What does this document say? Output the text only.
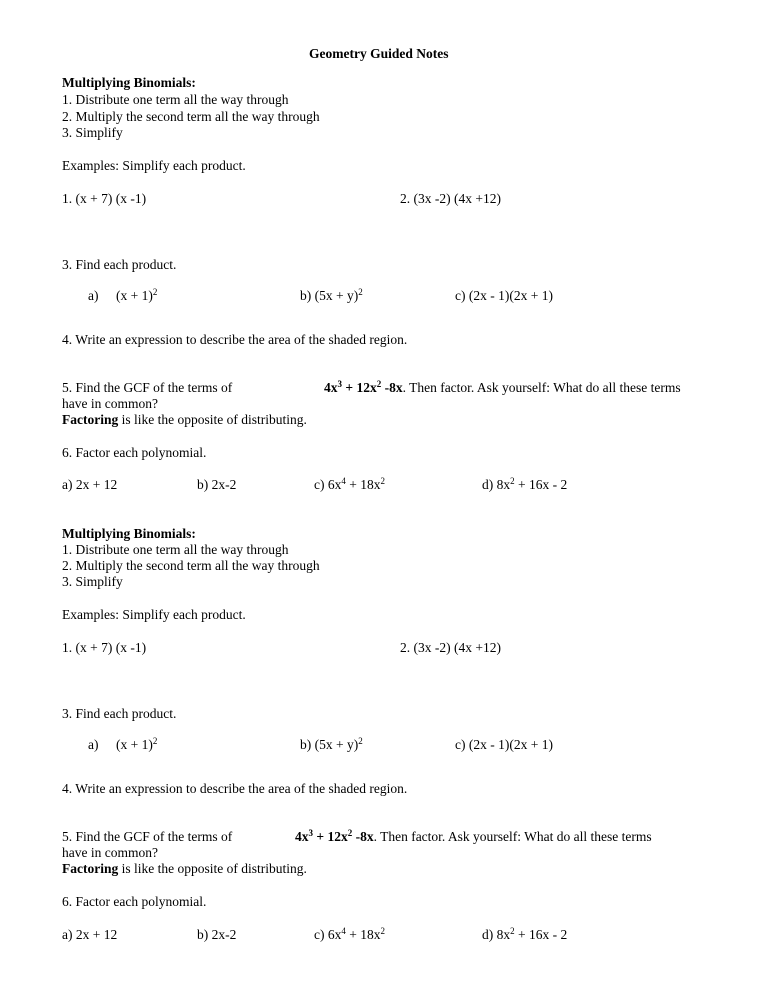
Geometry Guided Notes
Multiplying Binomials:
1. Distribute one term all the way through
2. Multiply the second term all the way through
3. Simplify
Examples: Simplify each product.
1. (x + 7) (x -1)	2. (3x -2) (4x +12)
3. Find each product.
a) $(x + 1)^2$	b) $(5x + y)^2$	c) (2x - 1)(2x + 1)
4. Write an expression to describe the area of the shaded region.
5. Find the GCF of the terms of	$4x^3 + 12x^2$ -8x. Then factor. Ask yourself: What do all these terms
have in common?
Factoring is like the opposite of distributing.
6. Factor each polynomial.
a) 2x + 12	b) 2x-2	c) $6x^4 + 18x^2$	d) $8x^2 + 16x - 2$
Multiplying Binomials:
1. Distribute one term all the way through
2. Multiply the second term all the way through
3. Simplify
Examples: Simplify each product.
1. (x + 7) (x -1)	2. (3x -2) (4x +12)
3. Find each product.
a) $(x + 1)^2$	b) $(5x + y)^2$	c) (2x - 1)(2x + 1)
4. Write an expression to describe the area of the shaded region.
5. Find the GCF of the terms of	$4x^3 + 12x^2$ -8x. Then factor. Ask yourself: What do all these terms
have in common?
Factoring is like the opposite of distributing.
6. Factor each polynomial.
a) 2x + 12	b) 2x-2	c) $6x^4 + 18x^2$	d) $8x^2 + 16x - 2$
